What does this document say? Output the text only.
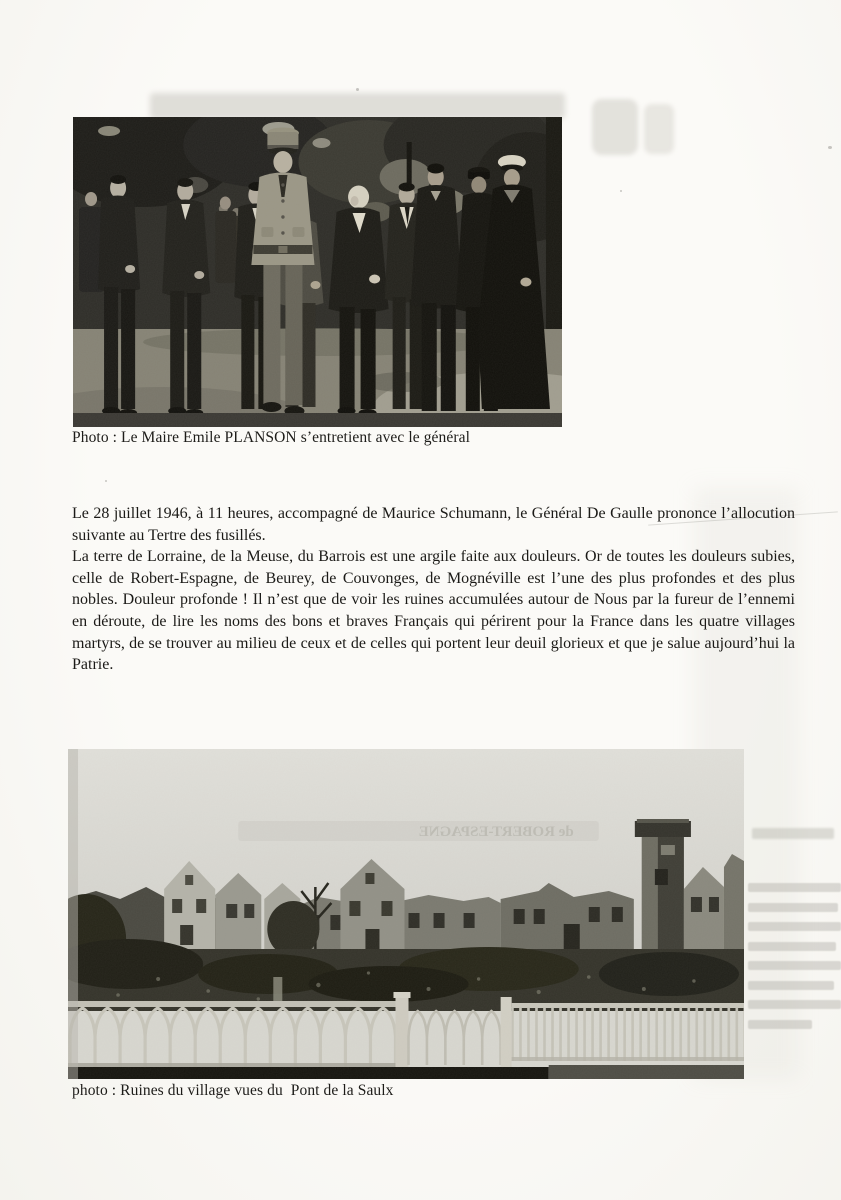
Photo : Le Maire Emile PLANSON s’entretient avec le général

Le 28 juillet 1946, à 11 heures, accompagné de Maurice Schumann, le Général De Gaulle prononce l’allocution suivante au Tertre des fusillés.

La terre de Lorraine, de la Meuse, du Barrois est une argile faite aux douleurs. Or de toutes les douleurs subies, celle de Robert-Espagne, de Beurey, de Couvonges, de Mognéville est l’une des plus profondes et des plus nobles. Douleur profonde ! Il n’est que de voir les ruines accumulées autour de Nous par la fureur de l’ennemi en déroute, de lire les noms des bons et braves Français qui périrent pour la France dans les quatre villages martyrs, de se trouver au milieu de ceux et de celles qui portent leur deuil glorieux et que je salue aujourd’hui la Patrie.

de ROBERT-ESPAGNE
photo : Ruines du village vues du  Pont de la Saulx
